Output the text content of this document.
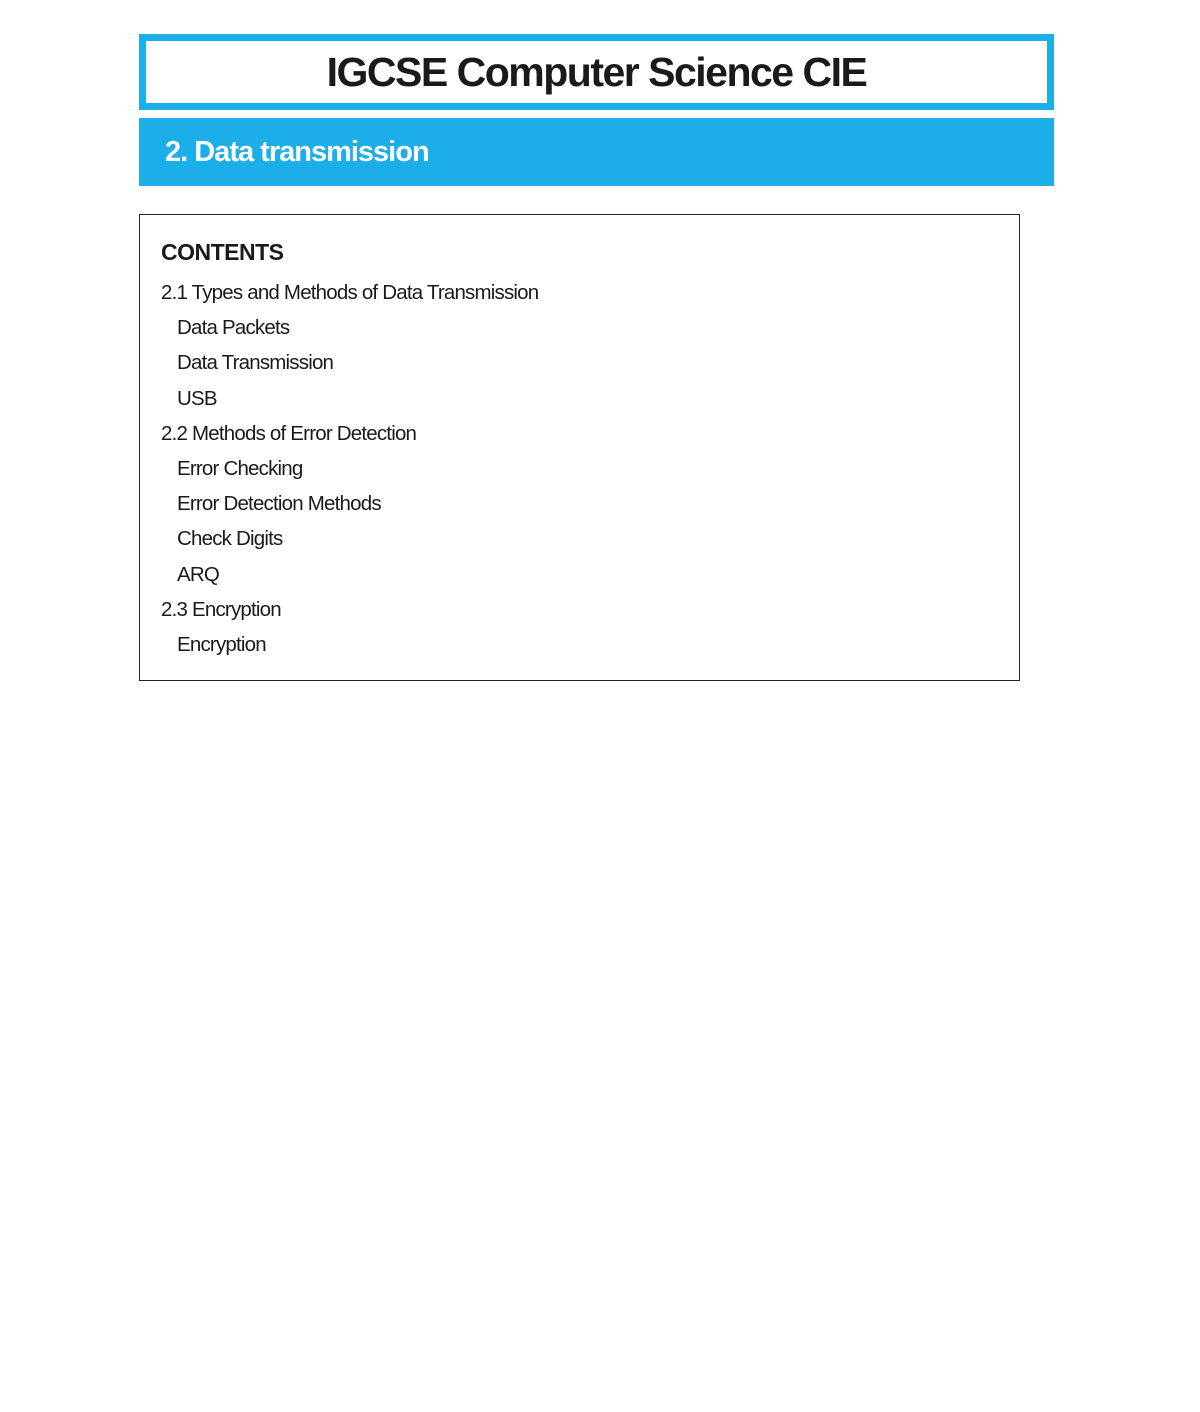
IGCSE Computer Science CIE
2. Data transmission
CONTENTS
2.1 Types and Methods of Data Transmission
Data Packets
Data Transmission
USB
2.2 Methods of Error Detection
Error Checking
Error Detection Methods
Check Digits
ARQ
2.3 Encryption
Encryption
